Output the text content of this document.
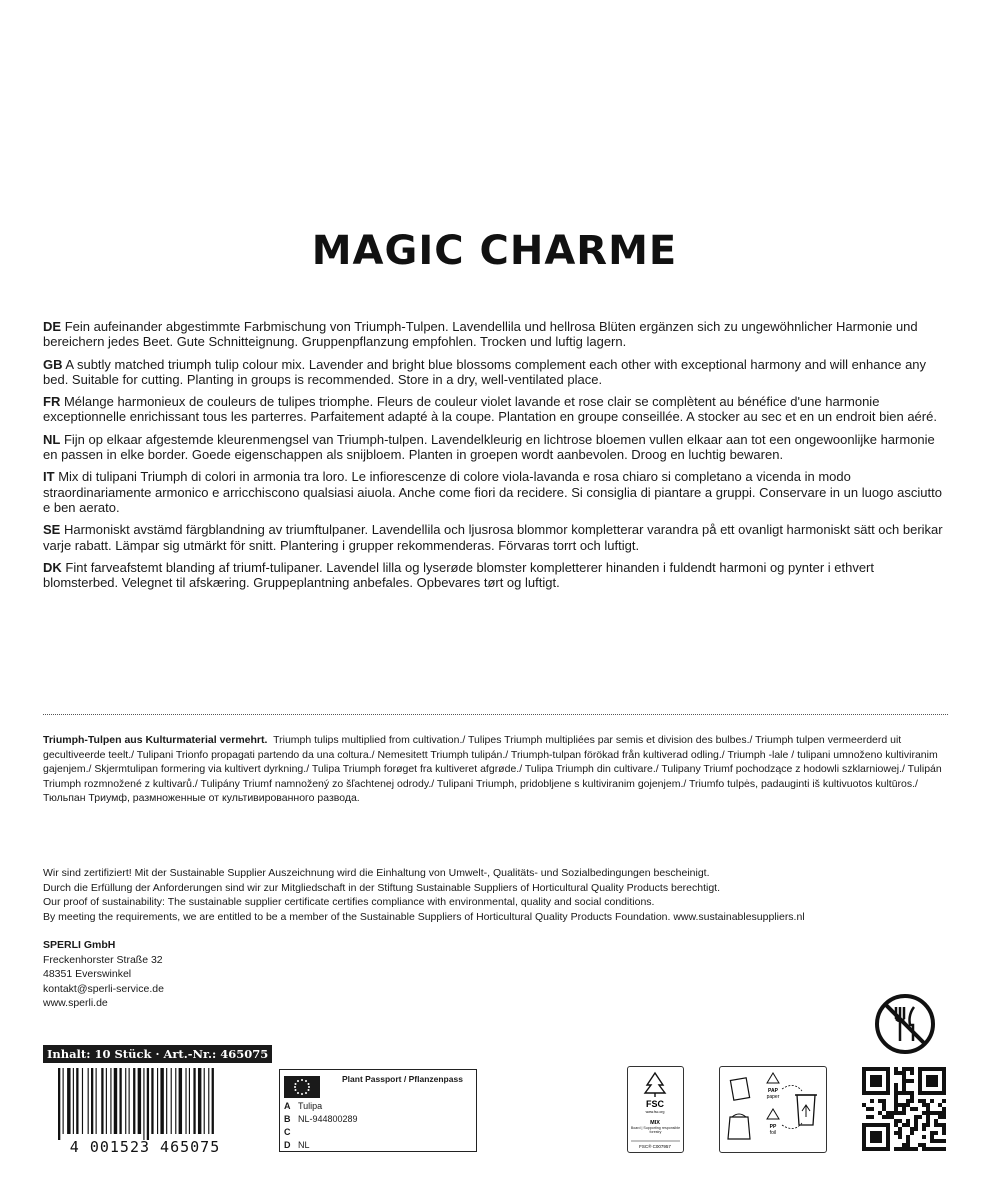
MAGIC CHARME

DE Fein aufeinander abgestimmte Farbmischung von Triumph-Tulpen. Lavendellila und hellrosa Blüten ergänzen sich zu ungewöhnlicher Harmonie und bereichern jedes Beet. Gute Schnitteignung. Gruppenpflanzung empfohlen. Trocken und luftig lagern.

GB A subtly matched triumph tulip colour mix. Lavender and bright blue blossoms complement each other with exceptional harmony and will enhance any bed. Suitable for cutting. Planting in groups is recommended. Store in a dry, well-ventilated place.

FR Mélange harmonieux de couleurs de tulipes triomphe. Fleurs de couleur violet lavande et rose clair se complètent au bénéfice d'une harmonie exceptionnelle enrichissant tous les parterres. Parfaitement adapté à la coupe. Plantation en groupe conseillée. A stocker au sec et en un endroit bien aéré.

NL Fijn op elkaar afgestemde kleurenmengsel van Triumph-tulpen. Lavendelkleurig en lichtrose bloemen vullen elkaar aan tot een ongewoonlijke harmonie en passen in elke border. Goede eigenschappen als snijbloem. Planten in groepen wordt aanbevolen. Droog en luchtig bewaren.

IT Mix di tulipani Triumph di colori in armonia tra loro. Le infiorescenze di colore viola-lavanda e rosa chiaro si completano a vicenda in modo straordinariamente armonico e arricchiscono qualsiasi aiuola. Anche come fiori da recidere. Si consiglia di piantare a gruppi. Conservare in un luogo asciutto e ben aerato.

SE Harmoniskt avstämd färgblandning av triumftulpaner. Lavendellila och ljusrosa blommor kompletterar varandra på ett ovanligt harmoniskt sätt och berikar varje rabatt. Lämpar sig utmärkt för snitt. Plantering i grupper rekommenderas. Förvaras torrt och luftigt.

DK Fint farveafstemt blanding af triumf-tulipaner. Lavendel lilla og lyserøde blomster kompletterer hinanden i fuldendt harmoni og pynter i ethvert blomsterbed. Velegnet til afskæring. Gruppeplantning anbefales. Opbevares tørt og luftigt.

Triumph-Tulpen aus Kulturmaterial vermehrt. Triumph tulips multiplied from cultivation./ Tulipes Triumph multipliées par semis et division des bulbes./ Triumph tulpen vermeerderd uit gecultiveerde teelt./ Tulipani Trionfo propagati partendo da una coltura./ Nemesitett Triumph tulipán./ Triumph-tulpan förökad från kultiverad odling./ Triumph -lale / tulipani umnoženo kultiviranim gajenjem./ Skjermtulipan formering via kultivert dyrkning./ Tulipa Triumph forøget fra kultiveret afgrøde./ Tulipa Triumph din cultivare./ Tulipany Triumf pochodzące z hodowli szklarniowej./ Tulipán Triumph rozmnožené z kultivarů./ Tulipány Triumf namnožený zo šľachtenej odrody./ Tulipani Triumph, pridobljene s kultiviranim gojenjem./ Triumfo tulpės, padauginti iš kultivuotos kultūros./ Тюльпан Триумф, размноженные от культивированного развода.
Wir sind zertifiziert! Mit der Sustainable Supplier Auszeichnung wird die Einhaltung von Umwelt-, Qualitäts- und Sozialbedingungen bescheinigt.
Durch die Erfüllung der Anforderungen sind wir zur Mitgliedschaft in der Stiftung Sustainable Suppliers of Horticultural Quality Products berechtigt.
Our proof of sustainability: The sustainable supplier certificate certifies compliance with environmental, quality and social conditions.
By meeting the requirements, we are entitled to be a member of the Sustainable Suppliers of Horticultural Quality Products Foundation. www.sustainablesuppliers.nl
SPERLI GmbH
Freckenhorster Straße 32
48351 Everswinkel
kontakt@sperli-service.de
www.sperli.de
Inhalt: 10 Stück · Art.-Nr.: 465075
4 001523 465075
Plant Passport / Pflanzenpass
A Tulipa
B NL-944800289
C
D NL
FSC
www.fsc.org
MIX
Board | Supporting responsible forestry
FSC® C007957
PAP
paper
PP
foil
